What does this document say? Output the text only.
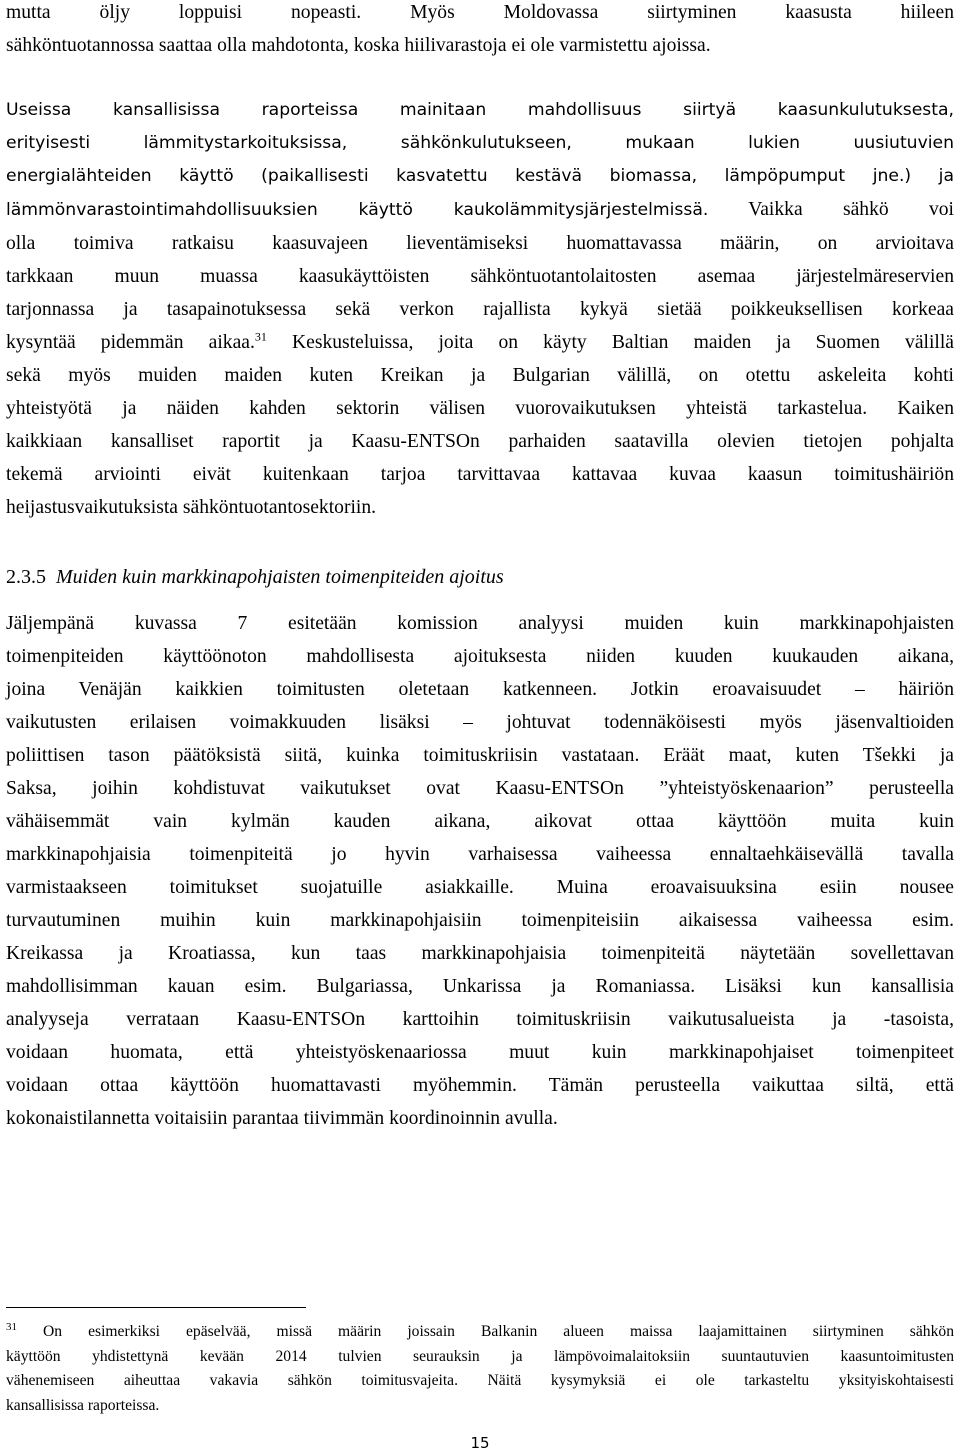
mutta öljy loppuisi nopeasti. Myös Moldovassa siirtyminen kaasusta hiileen
sähköntuotannossa saattaa olla mahdotonta, koska hiilivarastoja ei ole varmistettu ajoissa.
Useissa kansallisissa raporteissa mainitaan mahdollisuus siirtyä kaasunkulutuksesta,
erityisesti lämmitystarkoituksissa, sähkönkulutukseen, mukaan lukien uusiutuvien
energialähteiden käyttö (paikallisesti kasvatettu kestävä biomassa, lämpöpumput jne.) ja
lämmönvarastointimahdollisuuksien käyttö kaukolämmitysjärjestelmissä. Vaikka sähkö voi
olla toimiva ratkaisu kaasuvajeen lieventämiseksi huomattavassa määrin, on arvioitava
tarkkaan muun muassa kaasukäyttöisten sähköntuotantolaitosten asemaa järjestelmäreservien
tarjonnassa ja tasapainotuksessa sekä verkon rajallista kykyä sietää poikkeuksellisen korkeaa
kysyntää pidemmän aikaa.$^{31}$ Keskusteluissa, joita on käyty Baltian maiden ja Suomen välillä
sekä myös muiden maiden kuten Kreikan ja Bulgarian välillä, on otettu askeleita kohti
yhteistyötä ja näiden kahden sektorin välisen vuorovaikutuksen yhteistä tarkastelua. Kaiken
kaikkiaan kansalliset raportit ja Kaasu-ENTSOn parhaiden saatavilla olevien tietojen pohjalta
tekemä arviointi eivät kuitenkaan tarjoa tarvittavaa kattavaa kuvaa kaasun toimitushäiriön
heijastusvaikutuksista sähköntuotantosektoriin.
2.3.5 Muiden kuin markkinapohjaisten toimenpiteiden ajoitus
Jäljempänä kuvassa 7 esitetään komission analyysi muiden kuin markkinapohjaisten
toimenpiteiden käyttöönoton mahdollisesta ajoituksesta niiden kuuden kuukauden aikana,
joina Venäjän kaikkien toimitusten oletetaan katkenneen. Jotkin eroavaisuudet – häiriön
vaikutusten erilaisen voimakkuuden lisäksi – johtuvat todennäköisesti myös jäsenvaltioiden
poliittisen tason päätöksistä siitä, kuinka toimituskriisin vastataan. Eräät maat, kuten Tšekki ja
Saksa, joihin kohdistuvat vaikutukset ovat Kaasu-ENTSOn ”yhteistyöskenaarion” perusteella
vähäisemmät vain kylmän kauden aikana, aikovat ottaa käyttöön muita kuin
markkinapohjaisia toimenpiteitä jo hyvin varhaisessa vaiheessa ennaltaehkäisevällä tavalla
varmistaakseen toimitukset suojatuille asiakkaille. Muina eroavaisuuksina esiin nousee
turvautuminen muihin kuin markkinapohjaisiin toimenpiteisiin aikaisessa vaiheessa esim.
Kreikassa ja Kroatiassa, kun taas markkinapohjaisia toimenpiteitä näytetään sovellettavan
mahdollisimman kauan esim. Bulgariassa, Unkarissa ja Romaniassa. Lisäksi kun kansallisia
analyyseja verrataan Kaasu-ENTSOn karttoihin toimituskriisin vaikutusalueista ja -tasoista,
voidaan huomata, että yhteistyöskenaariossa muut kuin markkinapohjaiset toimenpiteet
voidaan ottaa käyttöön huomattavasti myöhemmin. Tämän perusteella vaikuttaa siltä, että
kokonaistilannetta voitaisiin parantaa tiivimmän koordinoinnin avulla.
$^{31}$ On esimerkiksi epäselvää, missä määrin joissain Balkanin alueen maissa laajamittainen siirtyminen sähkön
käyttöön yhdistettynä kevään 2014 tulvien seurauksin ja lämpövoimalaitoksiin suuntautuvien kaasuntoimitusten
vähenemiseen aiheuttaa vakavia sähkön toimitusvajeita. Näitä kysymyksiä ei ole tarkasteltu yksityiskohtaisesti
kansallisissa raporteissa.
15
